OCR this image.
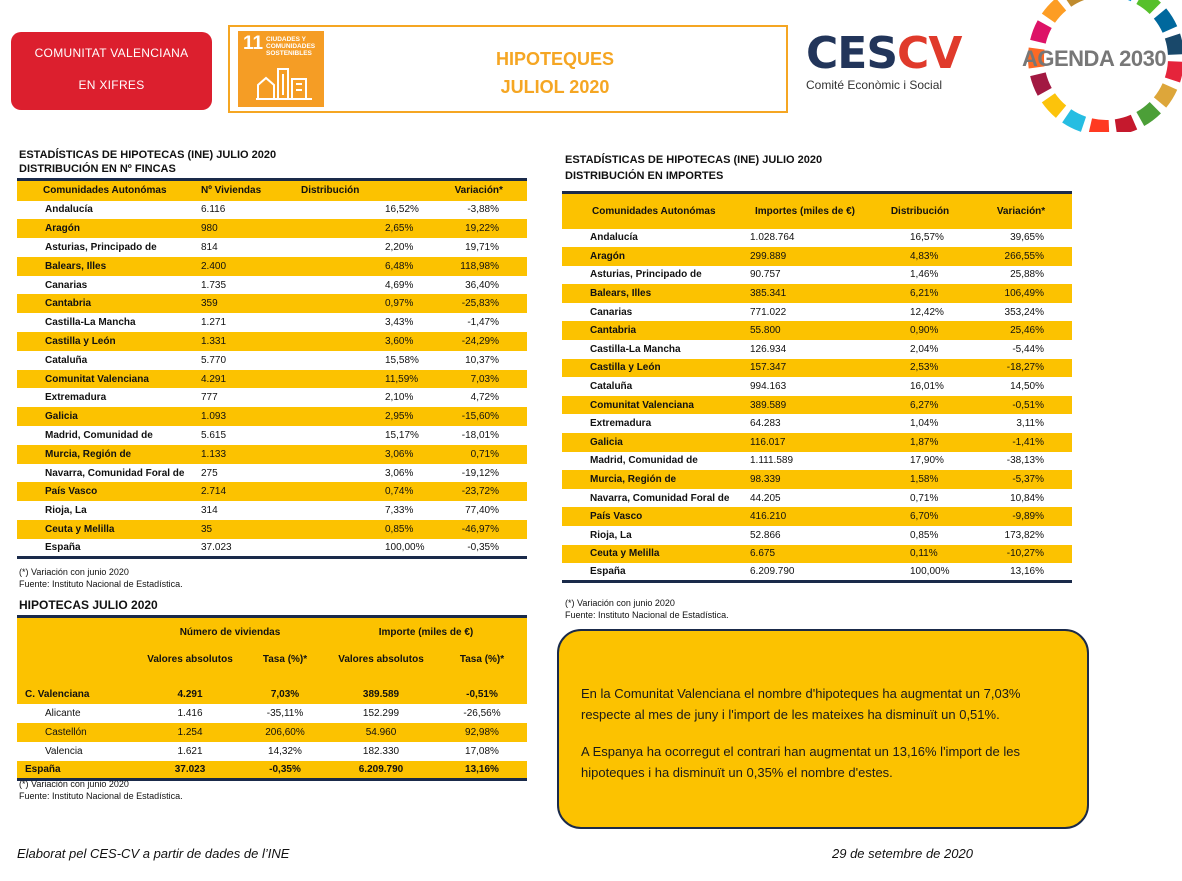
COMUNITAT VALENCIANA
EN XIFRES
11 CIUDADES Y COMUNIDADES SOSTENIBLES	HIPOTEQUES
JULIOL 2020
CESCV
Comité Econòmic i Social
AGENDA 2030
ESTADÍSTICAS DE HIPOTECAS (INE) JULIO 2020
DISTRIBUCIÓN EN Nº FINCAS
Comunidades Autonómas	Nº Viviendas	Distribución	Variación*
Andalucía	6.116	16,52%	-3,88%
Aragón	980	2,65%	19,22%
Asturias, Principado de	814	2,20%	19,71%
Balears, Illes	2.400	6,48%	118,98%
Canarias	1.735	4,69%	36,40%
Cantabria	359	0,97%	-25,83%
Castilla-La Mancha	1.271	3,43%	-1,47%
Castilla y León	1.331	3,60%	-24,29%
Cataluña	5.770	15,58%	10,37%
Comunitat Valenciana	4.291	11,59%	7,03%
Extremadura	777	2,10%	4,72%
Galicia	1.093	2,95%	-15,60%
Madrid, Comunidad de	5.615	15,17%	-18,01%
Murcia, Región de	1.133	3,06%	0,71%
Navarra, Comunidad Foral de	275	3,06%	-19,12%
País Vasco	2.714	0,74%	-23,72%
Rioja, La	314	7,33%	77,40%
Ceuta y Melilla	35	0,85%	-46,97%
España	37.023	100,00%	-0,35%
(*) Variación con junio 2020
Fuente: Instituto Nacional de Estadística.
ESTADÍSTICAS DE HIPOTECAS (INE) JULIO 2020
DISTRIBUCIÓN EN IMPORTES
Comunidades Autonómas	Importes (miles de €)	Distribución	Variación*
Andalucía	1.028.764	16,57%	39,65%
Aragón	299.889	4,83%	266,55%
Asturias, Principado de	90.757	1,46%	25,88%
Balears, Illes	385.341	6,21%	106,49%
Canarias	771.022	12,42%	353,24%
Cantabria	55.800	0,90%	25,46%
Castilla-La Mancha	126.934	2,04%	-5,44%
Castilla y León	157.347	2,53%	-18,27%
Cataluña	994.163	16,01%	14,50%
Comunitat Valenciana	389.589	6,27%	-0,51%
Extremadura	64.283	1,04%	3,11%
Galicia	116.017	1,87%	-1,41%
Madrid, Comunidad de	1.111.589	17,90%	-38,13%
Murcia, Región de	98.339	1,58%	-5,37%
Navarra, Comunidad Foral de	44.205	0,71%	10,84%
País Vasco	416.210	6,70%	-9,89%
Rioja, La	52.866	0,85%	173,82%
Ceuta y Melilla	6.675	0,11%	-10,27%
España	6.209.790	100,00%	13,16%
(*) Variación con junio 2020
Fuente: Instituto Nacional de Estadística.
HIPOTECAS JULIO 2020
	Número de viviendas		Importe (miles de €)	
	Valores absolutos	Tasa (%)*	Valores absolutos	Tasa (%)*

C. Valenciana	4.291	7,03%	389.589	-0,51%
Alicante	1.416	-35,11%	152.299	-26,56%
Castellón	1.254	206,60%	54.960	92,98%
Valencia	1.621	14,32%	182.330	17,08%
España	37.023	-0,35%	6.209.790	13,16%
(*) Variación con junio 2020
Fuente: Instituto Nacional de Estadística.

En la Comunitat Valenciana el nombre d'hipoteques ha augmentat un 7,03% respecte al mes de juny i l'import de les mateixes ha disminuït un 0,51%.

A Espanya ha ocorregut el contrari han augmentat un 13,16% l'import de les hipoteques i ha disminuït un 0,35% el nombre d'estes.

Elaborat pel CES-CV a partir de dades de l’INE	29 de setembre de 2020
